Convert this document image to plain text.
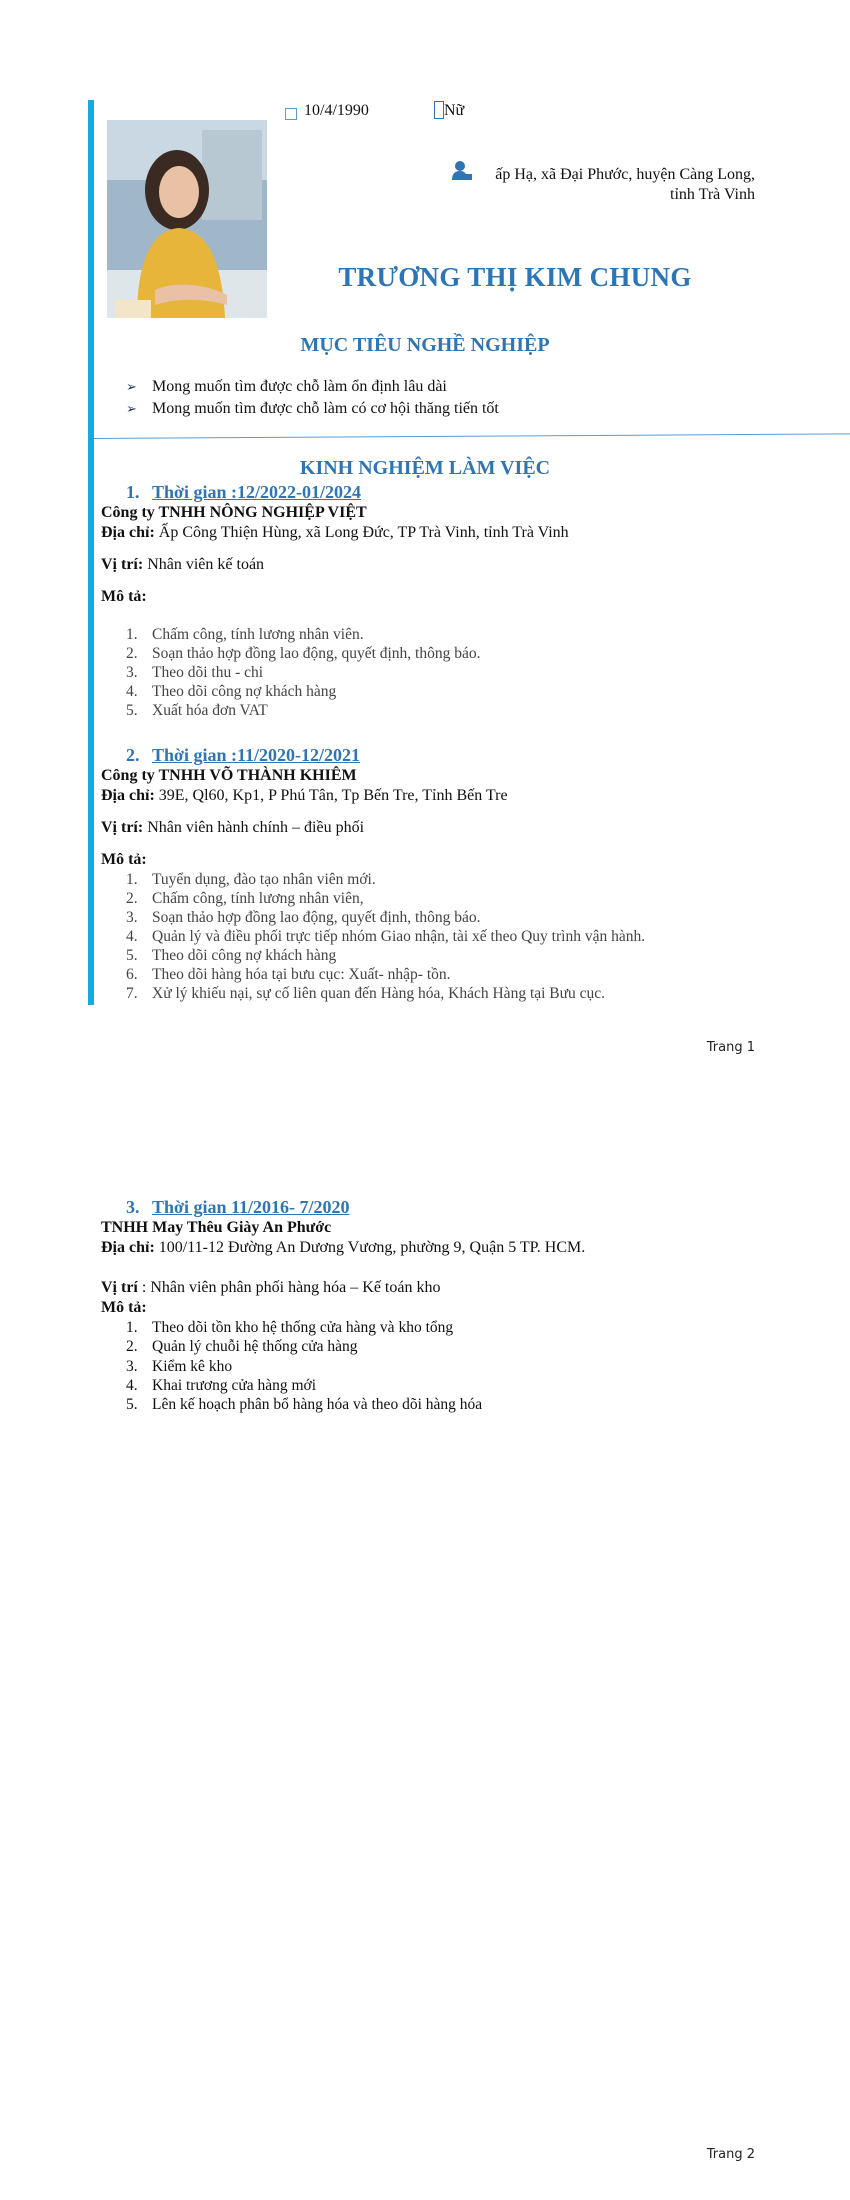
10/4/1990	Nữ
ấp Hạ, xã Đại Phước, huyện Càng Long,
tỉnh Trà Vinh
TRƯƠNG THỊ KIM CHUNG
MỤC TIÊU NGHỀ NGHIỆP
➢ Mong muốn tìm được chỗ làm ổn định lâu dài
➢ Mong muốn tìm được chỗ làm có cơ hội thăng tiến tốt
KINH NGHIỆM LÀM VIỆC
1. Thời gian :12/2022-01/2024
Công ty TNHH NÔNG NGHIỆP VIỆT
Địa chỉ: Ấp Công Thiện Hùng, xã Long Đức, TP Trà Vinh, tỉnh Trà Vinh
Vị trí: Nhân viên kế toán
Mô tả:
1. Chấm công, tính lương nhân viên.
2. Soạn thảo hợp đồng lao động, quyết định, thông báo.
3. Theo dõi thu - chi
4. Theo dõi công nợ khách hàng
5. Xuất hóa đơn VAT
2. Thời gian :11/2020-12/2021
Công ty TNHH VÕ THÀNH KHIÊM
Địa chỉ: 39E, Ql60, Kp1, P Phú Tân, Tp Bến Tre, Tỉnh Bến Tre
Vị trí: Nhân viên hành chính – điều phối
Mô tả:
1. Tuyển dụng, đào tạo nhân viên mới.
2. Chấm công, tính lương nhân viên,
3. Soạn thảo hợp đồng lao động, quyết định, thông báo.
4. Quản lý và điều phối trực tiếp nhóm Giao nhận, tài xế theo Quy trình vận hành.
5. Theo dõi công nợ khách hàng
6. Theo dõi hàng hóa tại bưu cục: Xuất- nhập- tồn.
7. Xử lý khiếu nại, sự cố liên quan đến Hàng hóa, Khách Hàng tại Bưu cục.
Trang 1
3. Thời gian 11/2016- 7/2020
TNHH May Thêu Giày An Phước
Địa chỉ: 100/11-12 Đường An Dương Vương, phường 9, Quận 5 TP. HCM.
Vị trí : Nhân viên phân phối hàng hóa – Kế toán kho
Mô tả:
1. Theo dõi tồn kho hệ thống cửa hàng và kho tổng
2. Quản lý chuỗi hệ thống cửa hàng
3. Kiểm kê kho
4. Khai trương cửa hàng mới
5. Lên kế hoạch phân bổ hàng hóa và theo dõi hàng hóa
Trang 2
